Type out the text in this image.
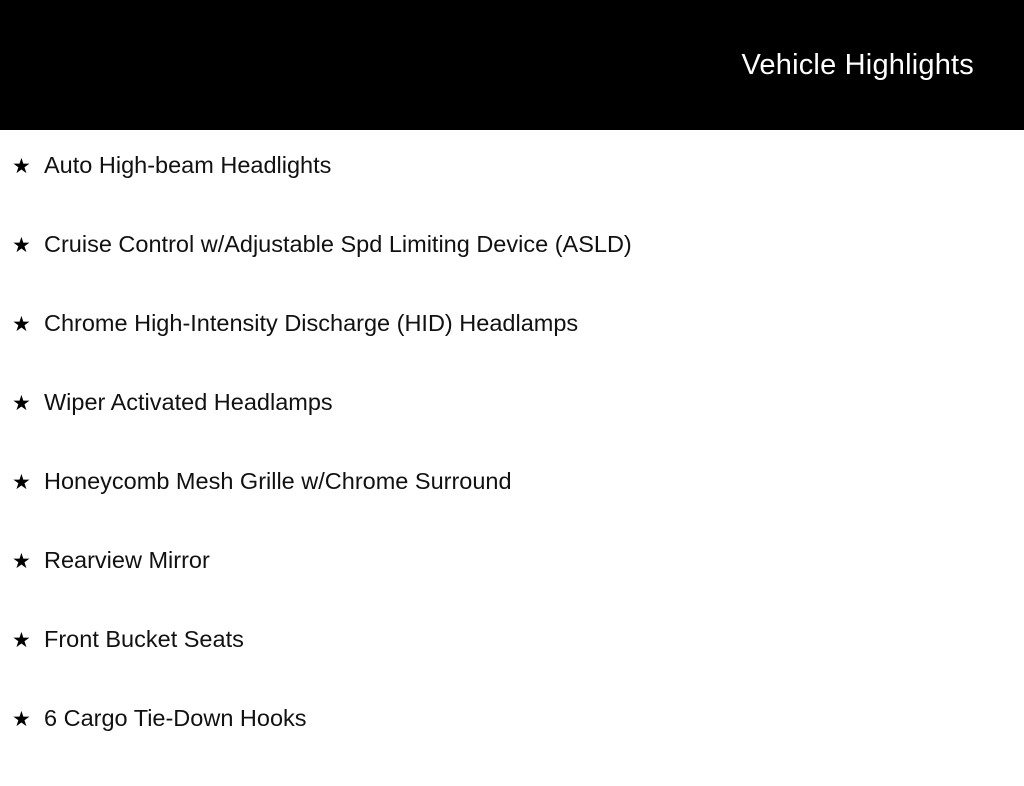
Vehicle Highlights
★ Auto High-beam Headlights
★ Cruise Control w/Adjustable Spd Limiting Device (ASLD)
★ Chrome High-Intensity Discharge (HID) Headlamps
★ Wiper Activated Headlamps
★ Honeycomb Mesh Grille w/Chrome Surround
★ Rearview Mirror
★ Front Bucket Seats
★ 6 Cargo Tie-Down Hooks
